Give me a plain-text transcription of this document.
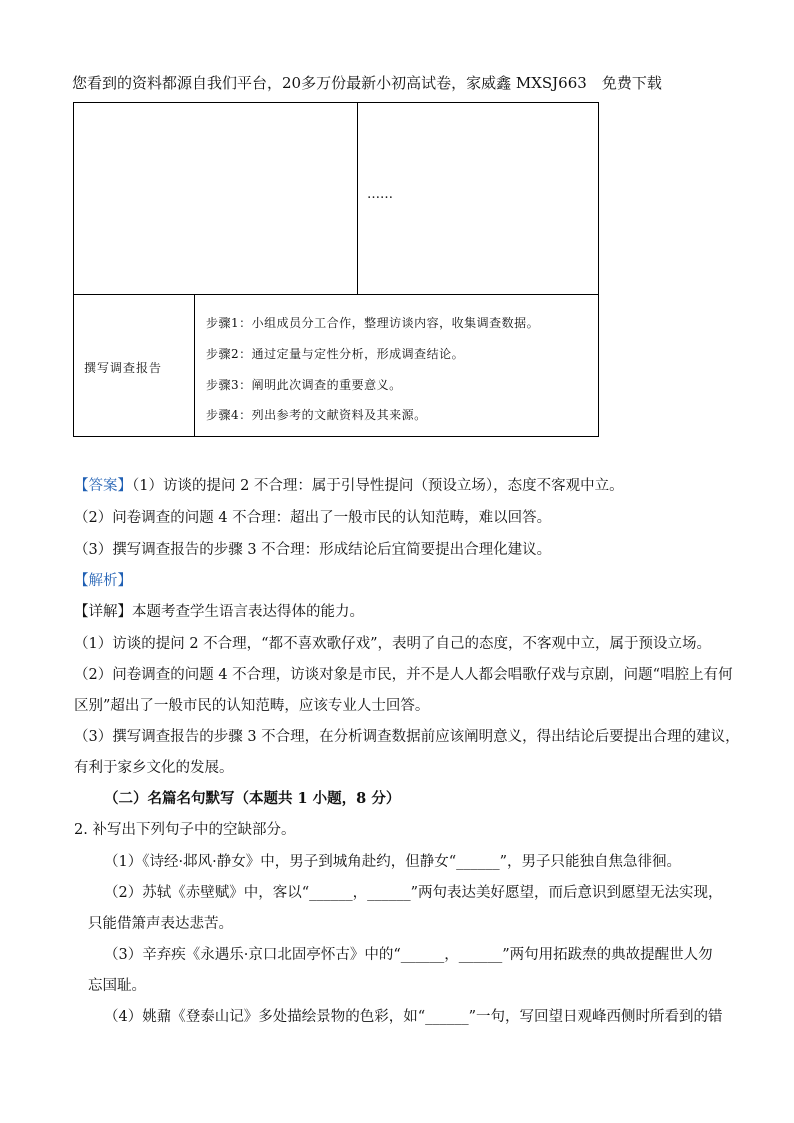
您看到的资料都源自我们平台，20多万份最新小初高试卷，家威鑫 MXSJ663　免费下载
……
撰写调查报告
步骤1：小组成员分工合作，整理访谈内容，收集调查数据。
步骤2：通过定量与定性分析，形成调查结论。
步骤3：阐明此次调查的重要意义。
步骤4：列出参考的文献资料及其来源。
【答案】（1）访谈的提问 2 不合理：属于引导性提问（预设立场），态度不客观中立。
（2）问卷调查的问题 4 不合理：超出了一般市民的认知范畴，难以回答。
（3）撰写调查报告的步骤 3 不合理：形成结论后宜简要提出合理化建议。
【解析】
【详解】本题考查学生语言表达得体的能力。
（1）访谈的提问 2 不合理，“都不喜欢歌仔戏”，表明了自己的态度，不客观中立，属于预设立场。
（2）问卷调查的问题 4 不合理，访谈对象是市民，并不是人人都会唱歌仔戏与京剧，问题“唱腔上有何
区别”超出了一般市民的认知范畴，应该专业人士回答。
（3）撰写调查报告的步骤 3 不合理，在分析调查数据前应该阐明意义，得出结论后要提出合理的建议，
有利于家乡文化的发展。
（二）名篇名句默写（本题共 1 小题，8 分）
2. 补写出下列句子中的空缺部分。
（1）《诗经·邶风·静女》中，男子到城角赴约，但静女“______”，男子只能独自焦急徘徊。
（2）苏轼《赤壁赋》中，客以“______，______”两句表达美好愿望，而后意识到愿望无法实现，
只能借箫声表达悲苦。
（3）辛弃疾《永遇乐·京口北固亭怀古》中的“______，______”两句用拓跋焘的典故提醒世人勿
忘国耻。
（4）姚鼐《登泰山记》多处描绘景物的色彩，如“______”一句，写回望日观峰西侧时所看到的错
